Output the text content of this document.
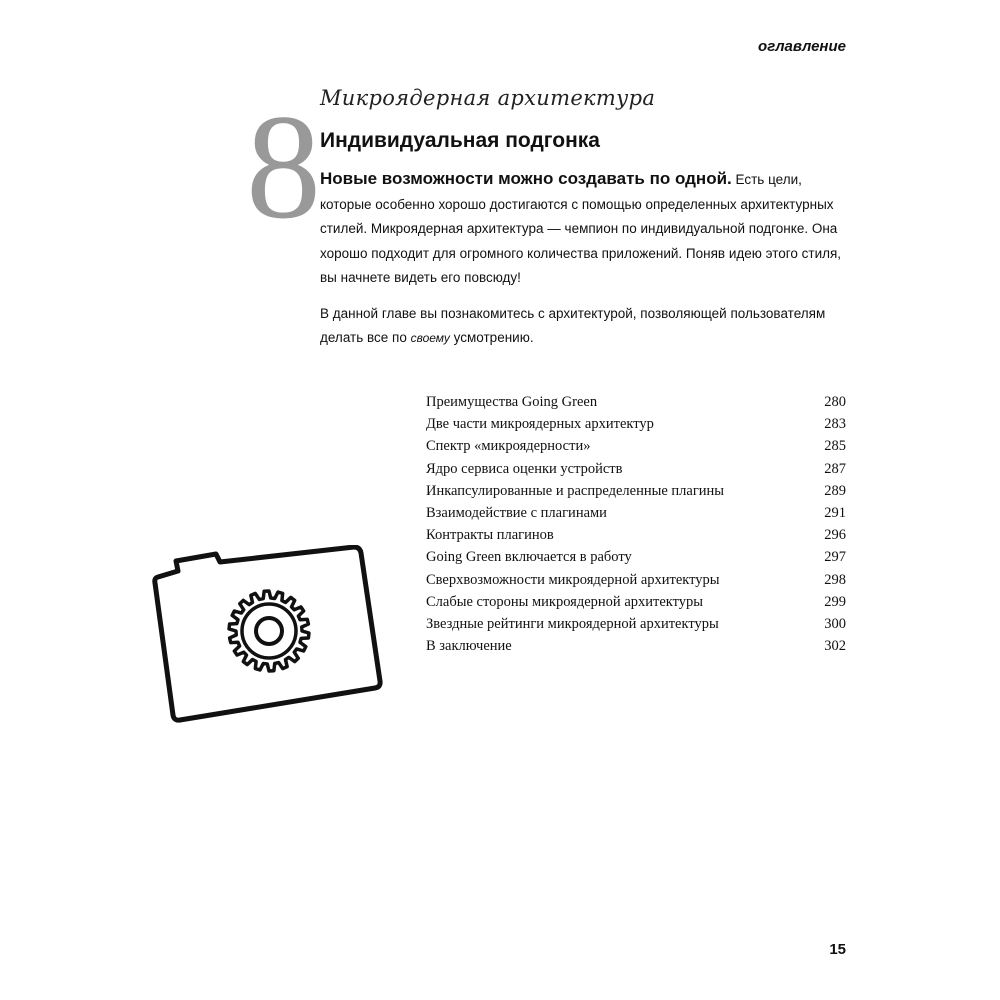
оглавление
8 Микроядерная архитектура
Индивидуальная подгонка

Новые возможности можно создавать по одной. Есть цели, которые особенно хорошо достигаются с помощью определенных архитектурных стилей. Микроядерная архитектура — чемпион по индивидуальной подгонке. Она хорошо подходит для огромного количества приложений. Поняв идею этого стиля, вы начнете видеть его повсюду!

В данной главе вы познакомитесь с архитектурой, позволяющей пользователям делать все по своему усмотрению.

Преимущества Going Green	280
Две части микроядерных архитектур	283
Спектр «микроядерности»	285
Ядро сервиса оценки устройств	287
Инкапсулированные и распределенные плагины	289
Взаимодействие с плагинами	291
Контракты плагинов	296
Going Green включается в работу	297
Сверхвозможности микроядерной архитектуры	298
Слабые стороны микроядерной архитектуры	299
Звездные рейтинги микроядерной архитектуры	300
В заключение	302
15
